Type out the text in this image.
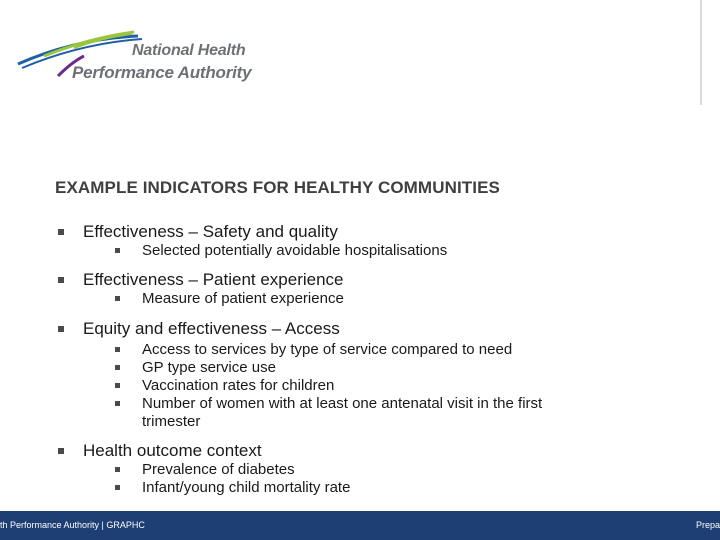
National Health
Performance Authority
EXAMPLE INDICATORS FOR HEALTHY COMMUNITIES
Effectiveness – Safety and quality
Selected potentially avoidable hospitalisations
Effectiveness – Patient experience
Measure of patient experience
Equity and effectiveness – Access
Access to services by type of service compared to need
GP type service use
Vaccination rates for children
Number of women with at least one antenatal visit in the first trimester
Health outcome context
Prevalence of diabetes
Infant/young child mortality rate
th Performance Authority | GRAPHC	Prepa
